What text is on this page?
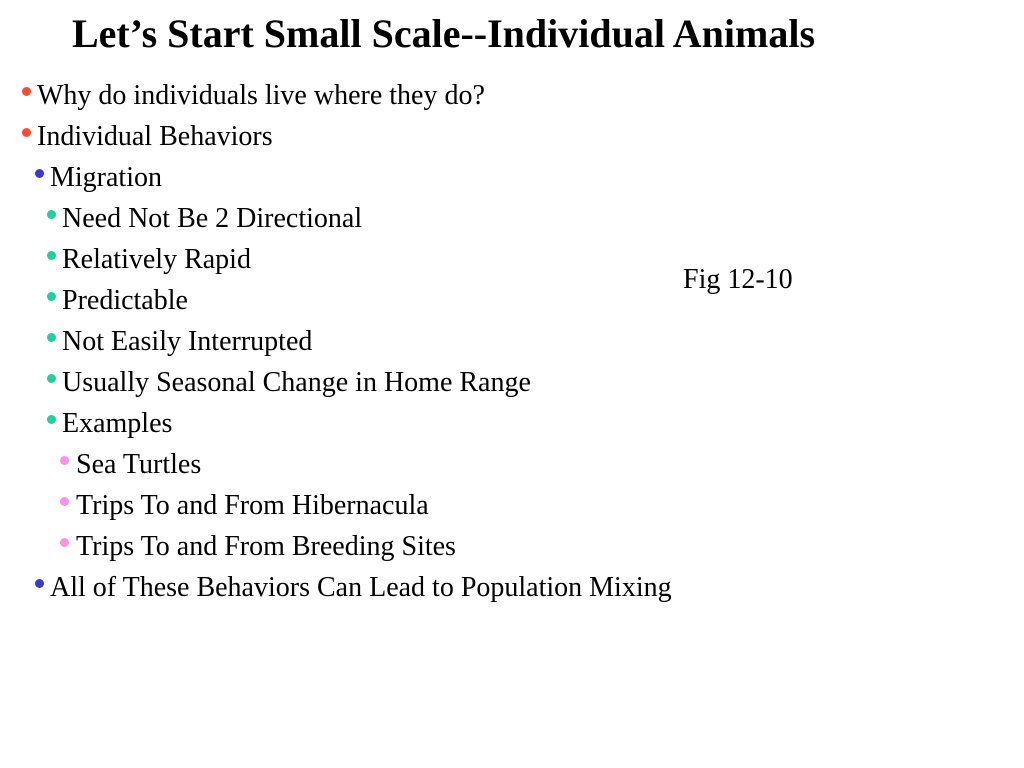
Let’s Start Small Scale--Individual Animals
Why do individuals live where they do?
Individual Behaviors
Migration
Need Not Be 2 Directional
Relatively Rapid
Predictable
Not Easily Interrupted
Usually Seasonal Change in Home Range
Examples
Sea Turtles
Trips To and From Hibernacula
Trips To and From Breeding Sites
All of These Behaviors Can Lead to Population Mixing
Fig 12-10
